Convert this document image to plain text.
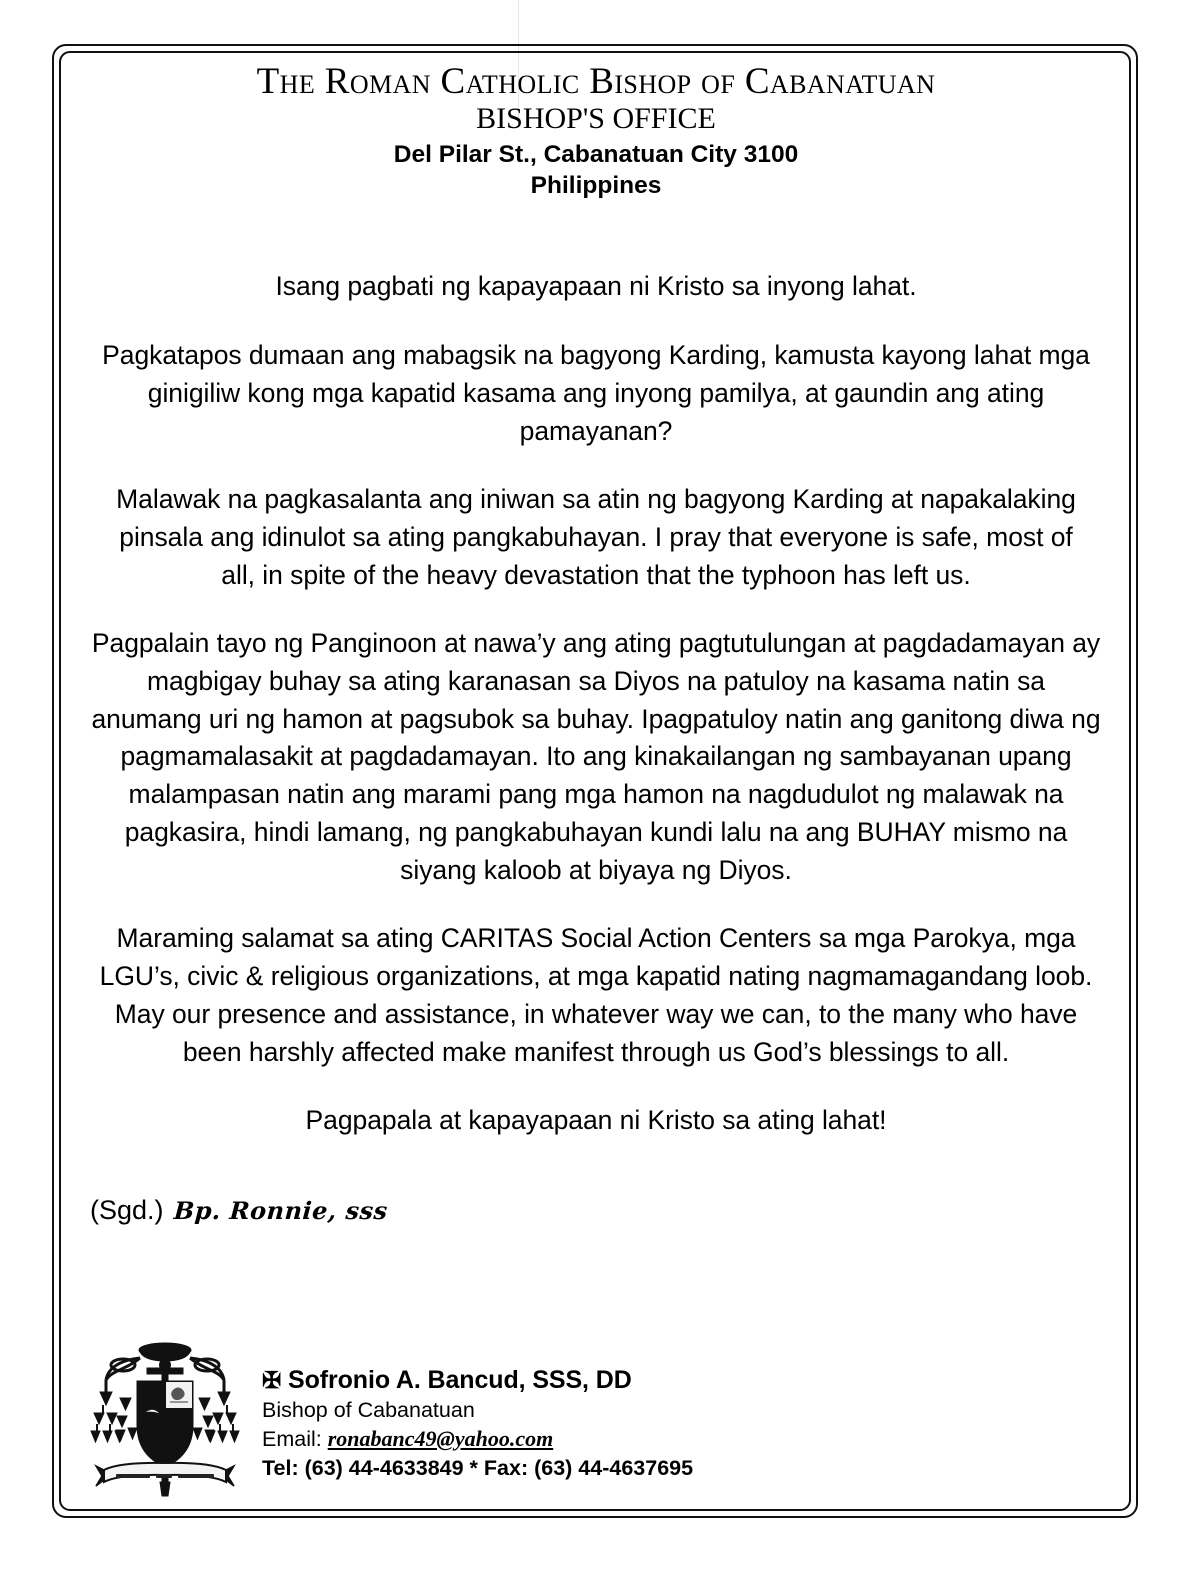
The Roman Catholic Bishop of Cabanatuan
BISHOP'S OFFICE
Del Pilar St., Cabanatuan City 3100
Philippines

Isang pagbati ng kapayapaan ni Kristo sa inyong lahat.

Pagkatapos dumaan ang mabagsik na bagyong Karding, kamusta kayong lahat mga ginigiliw kong mga kapatid kasama ang inyong pamilya, at gaundin ang ating pamayanan?

Malawak na pagkasalanta ang iniwan sa atin ng bagyong Karding at napakalaking pinsala ang idinulot sa ating pangkabuhayan. I pray that everyone is safe, most of all, in spite of the heavy devastation that the typhoon has left us.

Pagpalain tayo ng Panginoon at nawa’y ang ating pagtutulungan at pagdadamayan ay magbigay buhay sa ating karanasan sa Diyos na patuloy na kasama natin sa anumang uri ng hamon at pagsubok sa buhay. Ipagpatuloy natin ang ganitong diwa ng pagmamalasakit at pagdadamayan. Ito ang kinakailangan ng sambayanan upang malampasan natin ang marami pang mga hamon na nagdudulot ng malawak na pagkasira, hindi lamang, ng pangkabuhayan kundi lalu na ang BUHAY mismo na siyang kaloob at biyaya ng Diyos.

Maraming salamat sa ating CARITAS Social Action Centers sa mga Parokya, mga LGU’s, civic & religious organizations, at mga kapatid nating nagmamagandang loob. May our presence and assistance, in whatever way we can, to the many who have been harshly affected make manifest through us God’s blessings to all.

Pagpapala at kapayapaan ni Kristo sa ating lahat!

(Sgd.) Bp. Ronnie, sss
✠ Sofronio A. Bancud, SSS, DD
Bishop of Cabanatuan
Email: ronabanc49@yahoo.com
Tel: (63) 44-4633849 * Fax: (63) 44-4637695
